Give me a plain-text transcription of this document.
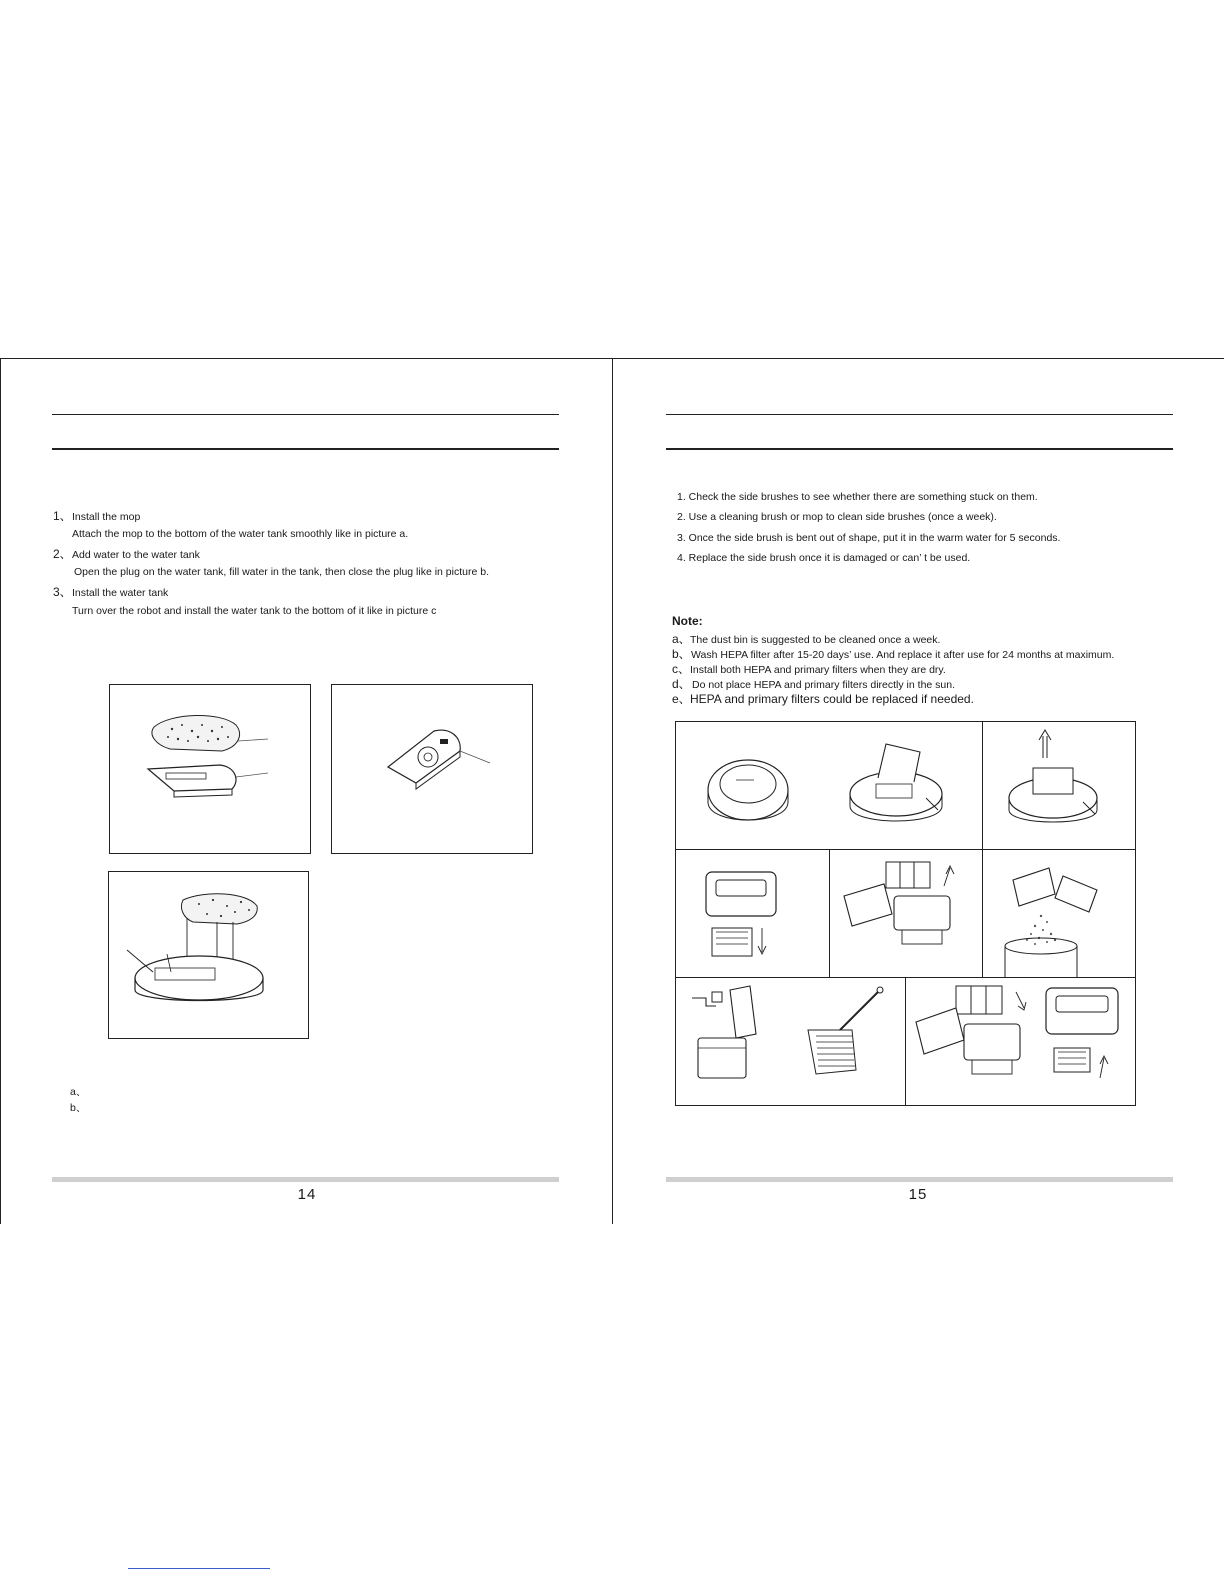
1、 Install the mop
Attach the mop to the bottom of the water tank smoothly like in picture a.
2、 Add water to the water tank
Open the plug on the water tank, fill water in the tank, then close the plug like in picture b.
3、 Install the water tank
Turn over the robot and install the water tank to the bottom of it like in picture c
a、
b、
14
1. Check the side brushes to see whether there are something stuck on them.
2. Use a cleaning brush or mop to clean side brushes (once a week).
3. Once the side brush is bent out of shape, put it in the warm water for 5 seconds.
4. Replace the side brush once it is damaged or can’ t be used.
Note:
a、 The dust bin is suggested to be cleaned once a week.
b、 Wash HEPA filter after 15-20 days’ use. And replace it after use for 24 months at maximum.
c、 Install both HEPA and primary filters when they are dry.
d、 Do not place HEPA and primary filters directly in the sun.
e、 HEPA and primary filters could be replaced if needed.
15
